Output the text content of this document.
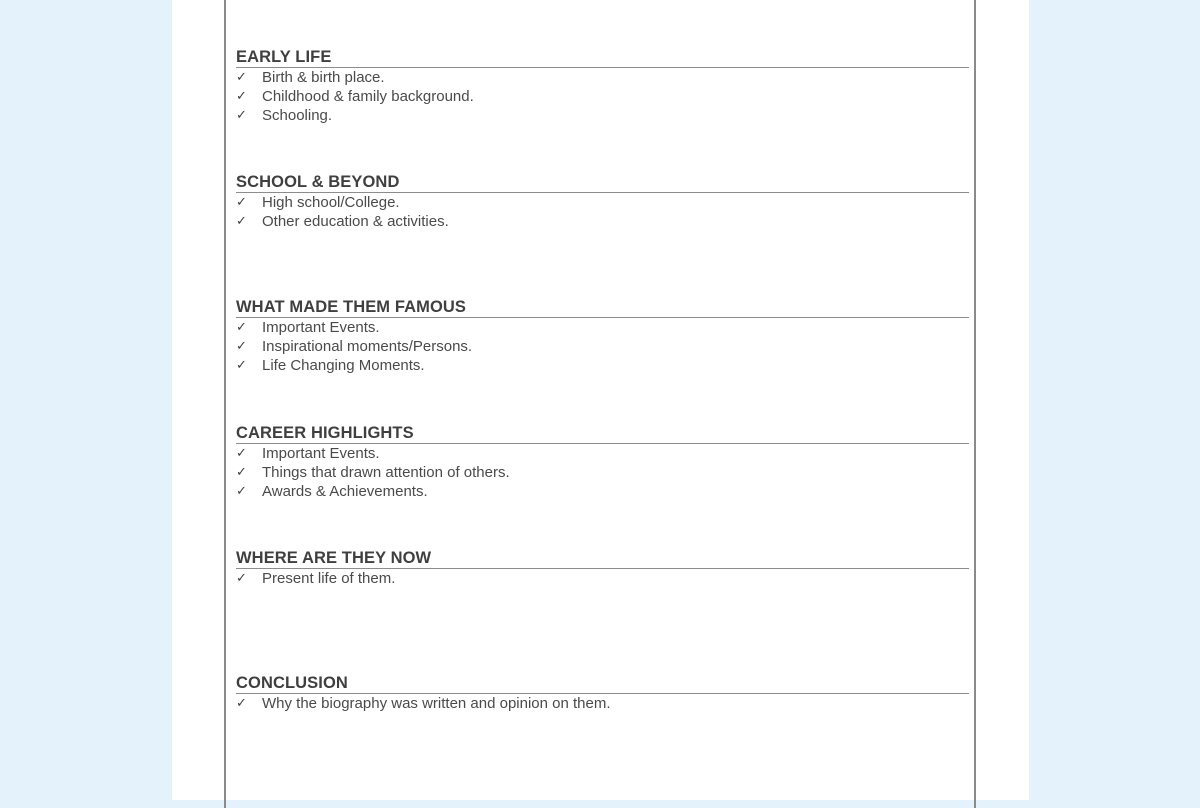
EARLY LIFE
✓	Birth & birth place.
✓	Childhood & family background.
✓	Schooling.
SCHOOL & BEYOND
✓	High school/College.
✓	Other education & activities.
WHAT MADE THEM FAMOUS
✓	Important Events.
✓	Inspirational moments/Persons.
✓	Life Changing Moments.
CAREER HIGHLIGHTS
✓	Important Events.
✓	Things that drawn attention of others.
✓	Awards & Achievements.
WHERE ARE THEY NOW
✓	Present life of them.
CONCLUSION
✓	Why the biography was written and opinion on them.
